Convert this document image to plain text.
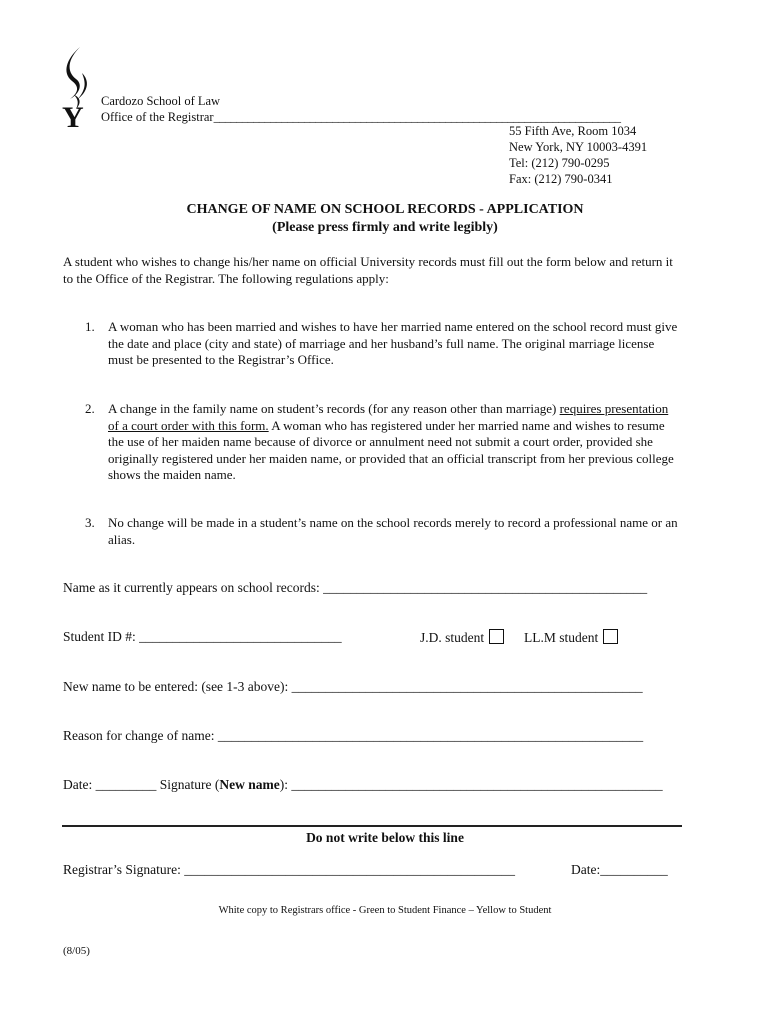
Y Cardozo School of Law
Office of the Registrar________________________________________________________________________
55 Fifth Ave, Room 1034
New York, NY 10003-4391
Tel: (212) 790-0295
Fax: (212) 790-0341
CHANGE OF NAME ON SCHOOL RECORDS - APPLICATION
(Please press firmly and write legibly)
A student who wishes to change his/her name on official University records must fill out the form below and return it to the Office of the Registrar. The following regulations apply:
1.	A woman who has been married and wishes to have her married name entered on the school record must give the date and place (city and state) of marriage and her husband’s full name. The original marriage license must be presented to the Registrar’s Office.
2.	A change in the family name on student’s records (for any reason other than marriage) requires presentation of a court order with this form. A woman who has registered under her married name and wishes to resume the use of her maiden name because of divorce or annulment need not submit a court order, provided she originally registered under her maiden name, or provided that an official transcript from her previous college shows the maiden name.
3.	No change will be made in a student’s name on the school records merely to record a professional name or an alias.
Name as it currently appears on school records: ________________________________________________
Student ID #: ______________________________	J.D. student	LL.M student
New name to be entered: (see 1-3 above): ____________________________________________________
Reason for change of name: _______________________________________________________________
Date: _________ Signature (New name): _______________________________________________________
Do not write below this line
Registrar’s Signature: _________________________________________________	Date:__________
White copy to Registrars office - Green to Student Finance – Yellow to Student
(8/05)
